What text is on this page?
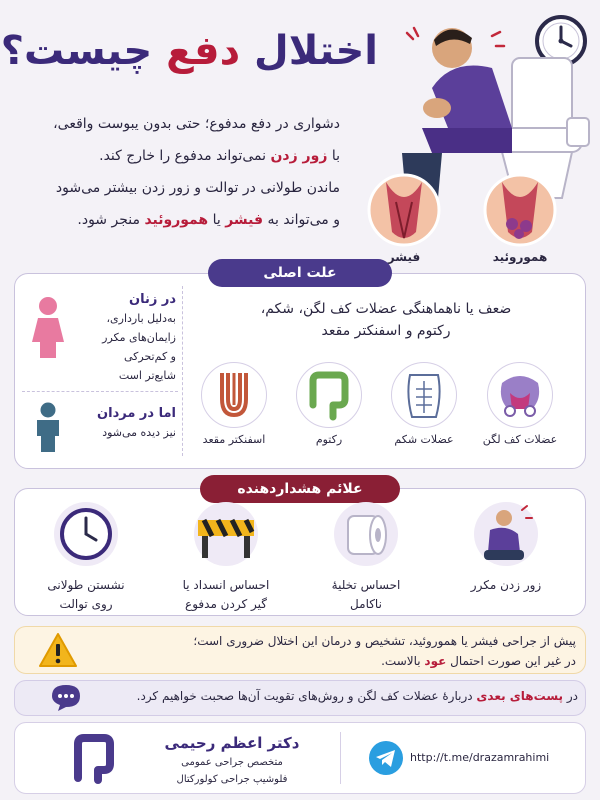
اختلال دفع چیست؟
دشواری در دفع مدفوع؛ حتی بدون یبوست واقعی،
با زور زدن نمی‌تواند مدفوع را خارج کند.
ماندن طولانی در توالت و زور زدن بیشتر می‌شود
و می‌تواند به فیشر یا هموروئید منجر شود.
فیشر	هموروئید
علت اصلی
در زنان
به‌دلیل بارداری،
زایمان‌های مکرر
و کم‌تحرکی
شایع‌تر است
اما در مردان
نیز دیده می‌شود
ضعف یا ناهماهنگی عضلات کف لگن، شکم،
رکتوم و اسفنکتر مقعد
عضلات کف لگن
عضلات شکم
رکتوم
اسفنکتر مقعد
علائم هشداردهنده
زور زدن مکرر
احساس تخلیهٔ
ناکامل
احساس انسداد یا
گیر کردن مدفوع
نشستن طولانی
روی توالت
پیش از جراحی فیشر یا هموروئید، تشخیص و درمان این اختلال ضروری است؛
در غیر این صورت احتمال عود بالاست.
در پست‌های بعدی دربارهٔ عضلات کف لگن و روش‌های تقویت آن‌ها صحبت خواهیم کرد.
دکتر اعظم رحیمی
متخصص جراحی عمومی
فلوشیپ جراحی کولورکتال
http://t.me/drazamrahimi
